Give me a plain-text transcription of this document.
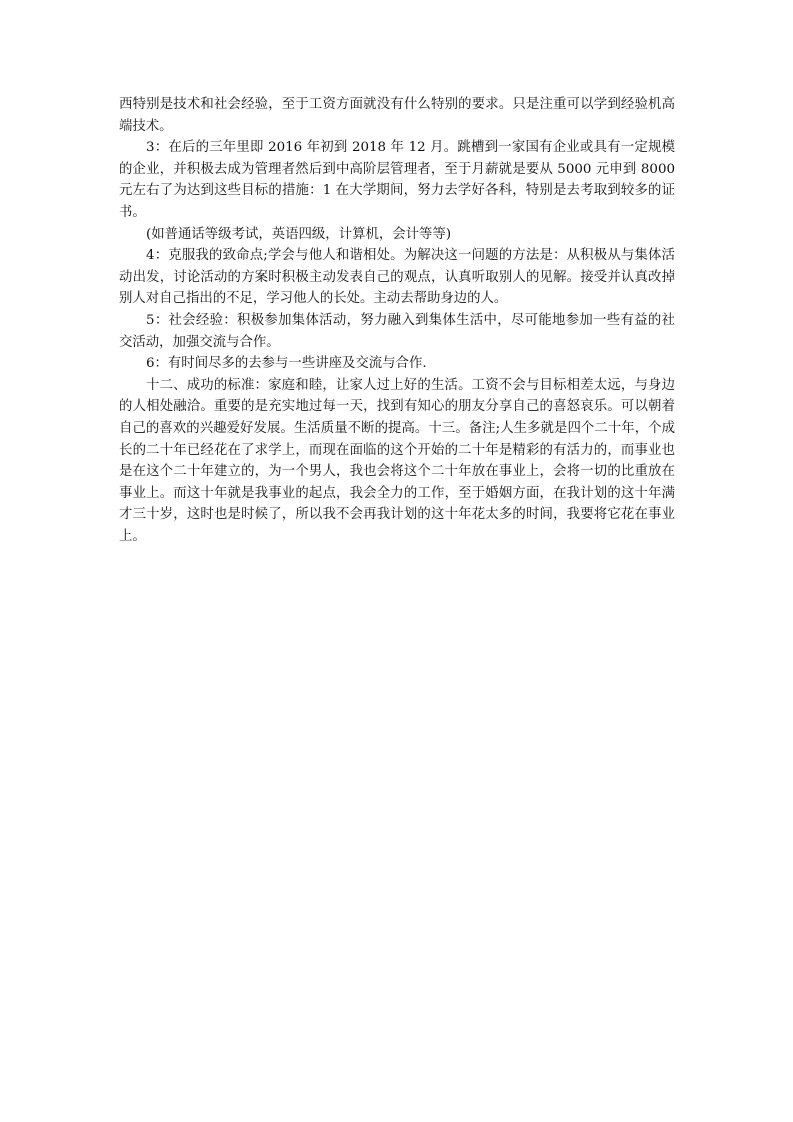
西特别是技术和社会经验，至于工资方面就没有什么特别的要求。只是注重可以学到经验机高端技术。

3：在后的三年里即 2016 年初到 2018 年 12 月。跳槽到一家国有企业或具有一定规模的企业，并积极去成为管理者然后到中高阶层管理者，至于月薪就是要从 5000 元申到 8000 元左右了为达到这些目标的措施：1 在大学期间，努力去学好各科，特别是去考取到较多的证书。

(如普通话等级考试，英语四级，计算机，会计等等)

4：克服我的致命点;学会与他人和谐相处。为解决这一问题的方法是：从积极从与集体活动出发，讨论活动的方案时积极主动发表自己的观点，认真听取别人的见解。接受并认真改掉别人对自己指出的不足，学习他人的长处。主动去帮助身边的人。

5：社会经验：积极参加集体活动，努力融入到集体生活中，尽可能地参加一些有益的社交活动，加强交流与合作。

6：有时间尽多的去参与一些讲座及交流与合作.

十二、成功的标准：家庭和睦，让家人过上好的生活。工资不会与目标相差太远，与身边的人相处融洽。重要的是充实地过每一天，找到有知心的朋友分享自己的喜怒哀乐。可以朝着自己的喜欢的兴趣爱好发展。生活质量不断的提高。十三。备注;人生多就是四个二十年，个成长的二十年已经花在了求学上，而现在面临的这个开始的二十年是精彩的有活力的，而事业也是在这个二十年建立的，为一个男人，我也会将这个二十年放在事业上，会将一切的比重放在事业上。而这十年就是我事业的起点，我会全力的工作，至于婚姻方面，在我计划的这十年满才三十岁，这时也是时候了，所以我不会再我计划的这十年花太多的时间，我要将它花在事业上。
